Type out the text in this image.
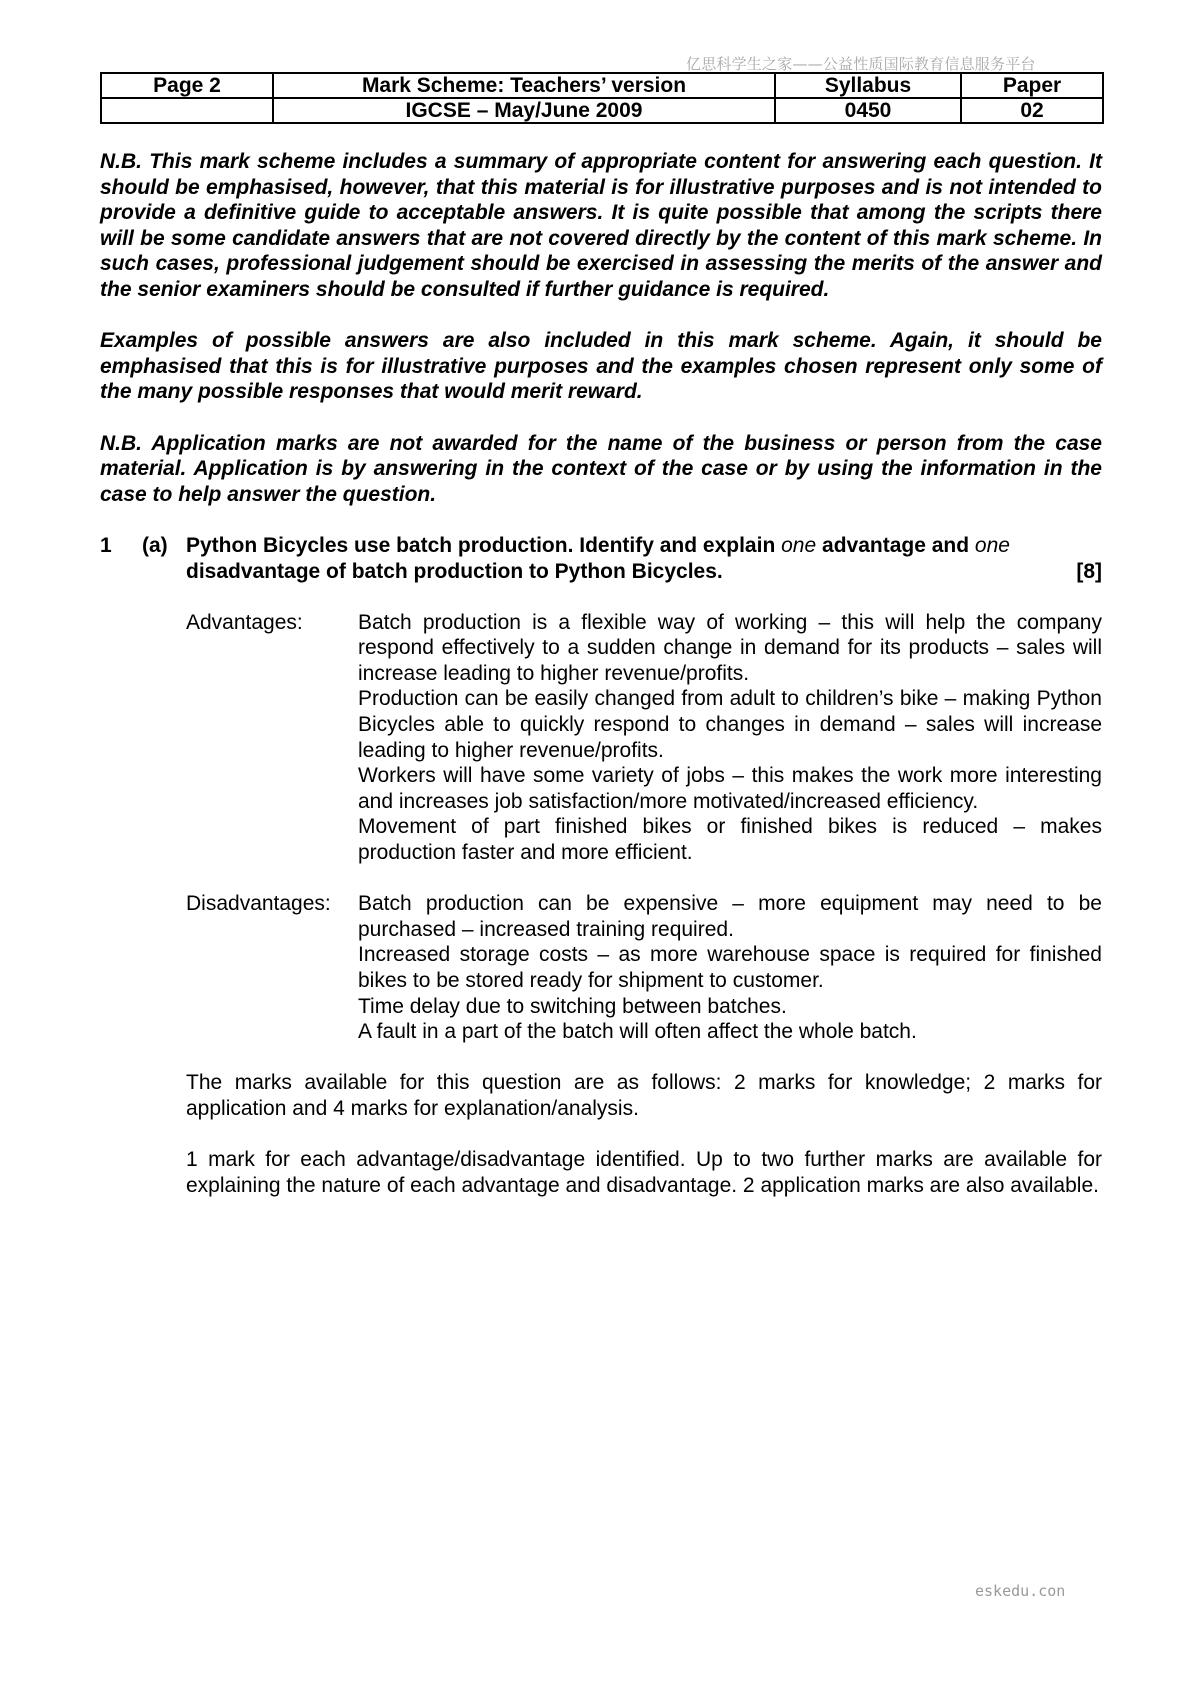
亿思科学生之家——公益性质国际教育信息服务平台
Page 2	Mark Scheme: Teachers’ version	Syllabus	Paper
	IGCSE – May/June 2009	0450	02

N.B. This mark scheme includes a summary of appropriate content for answering each question. It should be emphasised, however, that this material is for illustrative purposes and is not intended to provide a definitive guide to acceptable answers. It is quite possible that among the scripts there will be some candidate answers that are not covered directly by the content of this mark scheme. In such cases, professional judgement should be exercised in assessing the merits of the answer and the senior examiners should be consulted if further guidance is required.

Examples of possible answers are also included in this mark scheme. Again, it should be emphasised that this is for illustrative purposes and the examples chosen represent only some of the many possible responses that would merit reward.

N.B. Application marks are not awarded for the name of the business or person from the case material. Application is by answering in the context of the case or by using the information in the case to help answer the question.

1 (a) Python Bicycles use batch production. Identify and explain one advantage and one
disadvantage of batch production to Python Bicycles.	[8]
Advantages:	Batch production is a flexible way of working – this will help the company respond effectively to a sudden change in demand for its products – sales will increase leading to higher revenue/profits.

Production can be easily changed from adult to children’s bike – making Python Bicycles able to quickly respond to changes in demand – sales will increase leading to higher revenue/profits.

Workers will have some variety of jobs – this makes the work more interesting and increases job satisfaction/more motivated/increased efficiency.

Movement of part finished bikes or finished bikes is reduced – makes production faster and more efficient.

Disadvantages:	Batch production can be expensive – more equipment may need to be purchased – increased training required.

Increased storage costs – as more warehouse space is required for finished bikes to be stored ready for shipment to customer.

Time delay due to switching between batches.

A fault in a part of the batch will often affect the whole batch.

The marks available for this question are as follows: 2 marks for knowledge; 2 marks for application and 4 marks for explanation/analysis.

1 mark for each advantage/disadvantage identified. Up to two further marks are available for explaining the nature of each advantage and disadvantage. 2 application marks are also available.

eskedu.con
